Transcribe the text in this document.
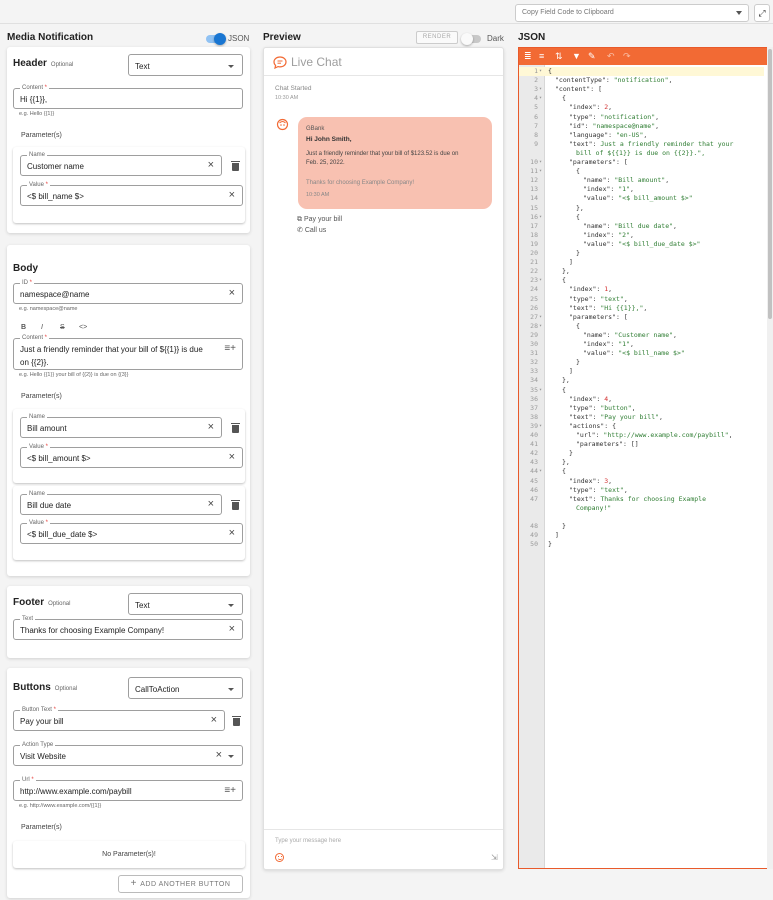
Copy Field Code to Clipboard	⤢
Media Notification	JSON
Header Optional	Text
Content *
Hi {{1}},
e.g. Hello {{1}}
Parameter(s)
Name
Customer name	×
Value *
<$ bill_name $>	×
Body
ID *
namespace@name	×
e.g. namespace@name
B I S <>
Content *
Just a friendly reminder that your bill of ${{1}} is due
on {{2}}.
≡+
e.g. Hello {{1}} your bill of {{2}} is due on {{3}}
Parameter(s)
Name
Bill amount	×
Value *
<$ bill_amount $>	×
Name
Bill due date	×
Value *
<$ bill_due_date $>	×
Footer Optional	Text
Text
Thanks for choosing Example Company!	×
Buttons Optional	CallToAction
Button Text *
Pay your bill	×
Action Type
Visit Website	×
Url *
http://www.example.com/paybill	≡+
e.g. http://www.example.com/{{1}}
Parameter(s)
No Parameter(s)!
+ ADD ANOTHER BUTTON
Preview	RENDER	Dark
Live Chat
Chat Started
10:30 AM
GBank
Hi John Smith,
Just a friendly reminder that your bill of $123.52 is due on
Feb. 25, 2022.
Thanks for choosing Example Company!
10:30 AM
⧉ Pay your bill
✆ Call us
Type your message here
⇲
JSON
≣ ≡ ⇅ ▼ ✎ ↶ ↷
1 ▾ {
2	"contentType": "notification",
3 ▾ "content": [
4 ▾	{
5	"index": 2,
6	"type": "notification",
7	"id": "namespace@name",
8	"language": "en-US",
9	"text": Just a friendly reminder that your
bill of ${{1}} is due on {{2}}.",
10 ▾	"parameters": [
11 ▾	{
12	"name": "Bill amount",
13	"index": "1",
14	"value": "<$ bill_amount $>"
15	},
16 ▾	{
17	"name": "Bill due date",
18	"index": "2",
19	"value": "<$ bill_due_date $>"
20	}
21	]
22	},
23 ▾	{
24	"index": 1,
25	"type": "text",
26	"text": "Hi {{1}},",
27 ▾	"parameters": [
28 ▾	{
29	"name": "Customer name",
30	"index": "1",
31	"value": "<$ bill_name $>"
32	}
33	]
34	},
35 ▾	{
36	"index": 4,
37	"type": "button",
38	"text": "Pay your bill",
39 ▾	"actions": {
40	"url": "http://www.example.com/paybill",
41	"parameters": []
42	}
43	},
44 ▾	{
45	"index": 3,
46	"type": "text",
47	"text": Thanks for choosing Example
Company!"
48	}
49	]
50 }
